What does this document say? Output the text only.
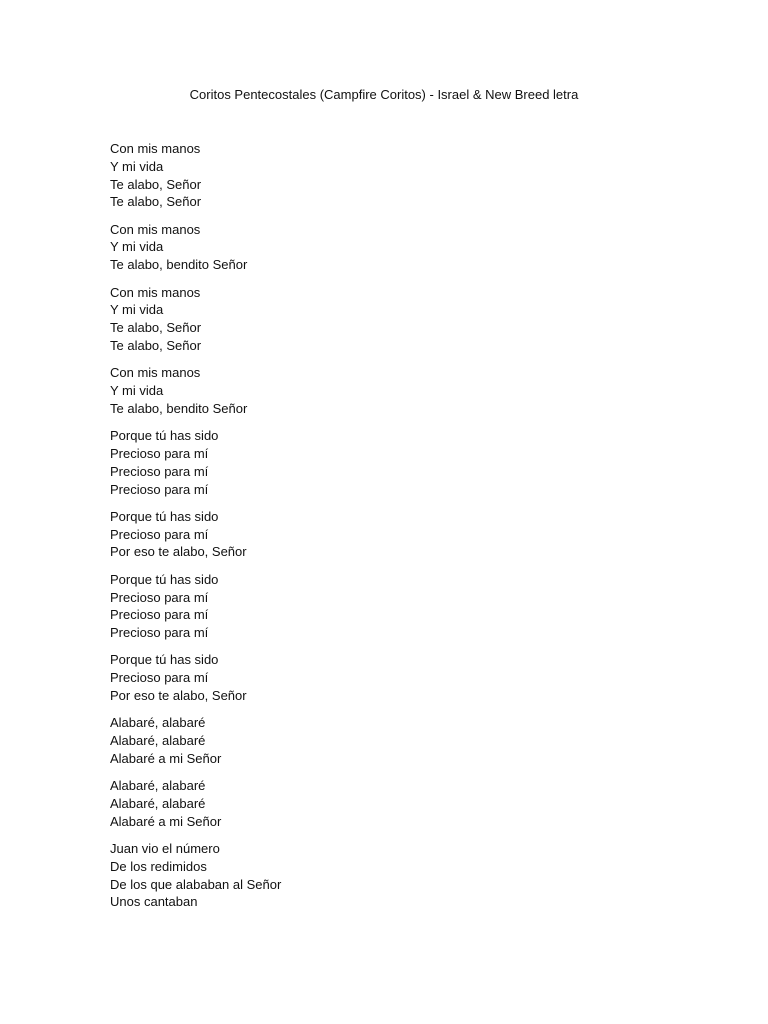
Coritos Pentecostales (Campfire Coritos) - Israel & New Breed letra
Con mis manos
Y mi vida
Te alabo, Señor
Te alabo, Señor
Con mis manos
Y mi vida
Te alabo, bendito Señor
Con mis manos
Y mi vida
Te alabo, Señor
Te alabo, Señor
Con mis manos
Y mi vida
Te alabo, bendito Señor
Porque tú has sido
Precioso para mí
Precioso para mí
Precioso para mí
Porque tú has sido
Precioso para mí
Por eso te alabo, Señor
Porque tú has sido
Precioso para mí
Precioso para mí
Precioso para mí
Porque tú has sido
Precioso para mí
Por eso te alabo, Señor
Alabaré, alabaré
Alabaré, alabaré
Alabaré a mi Señor
Alabaré, alabaré
Alabaré, alabaré
Alabaré a mi Señor
Juan vio el número
De los redimidos
De los que alababan al Señor
Unos cantaban
